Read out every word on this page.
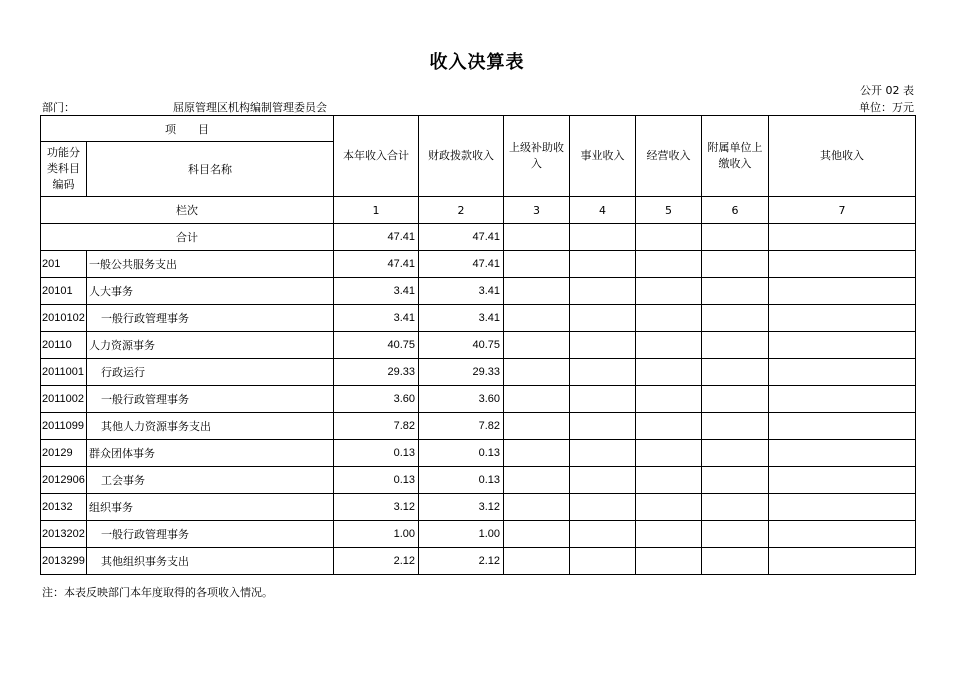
收入决算表
公开 02 表
部门：	屈原管理区机构编制管理委员会	单位：万元
项　　目		本年收入合计	财政拨款收入	上级补助收入	事业收入	经营收入	附属单位上缴收入	其他收入
功能分类科目编码	科目名称							
栏次		1	2	3	4	5	6	7
合计		47.41	47.41					
201	一般公共服务支出	47.41	47.41					
20101	人大事务	3.41	3.41					
2010102	一般行政管理事务	3.41	3.41					
20110	人力资源事务	40.75	40.75					
2011001	行政运行	29.33	29.33					
2011002	一般行政管理事务	3.60	3.60					
2011099	其他人力资源事务支出	7.82	7.82					
20129	群众团体事务	0.13	0.13					
2012906	工会事务	0.13	0.13					
20132	组织事务	3.12	3.12					
2013202	一般行政管理事务	1.00	1.00					
2013299	其他组织事务支出	2.12	2.12					
注：本表反映部门本年度取得的各项收入情况。
